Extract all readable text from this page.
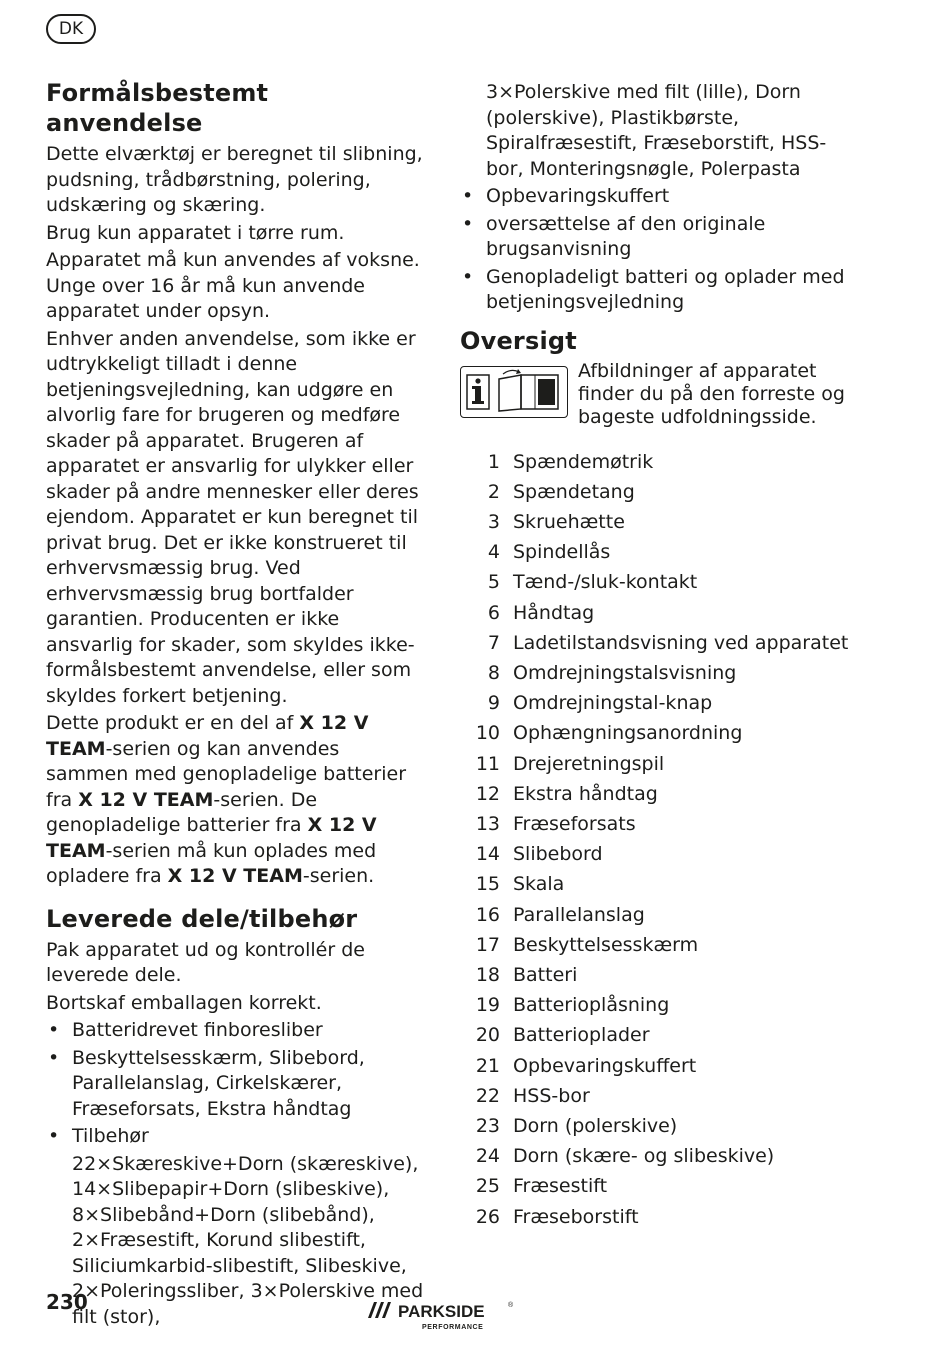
DK
Formålsbestemt anvendelse

Dette elværktøj er beregnet til slibning, pudsning, trådbørstning, polering, udskæring og skæring.

Brug kun apparatet i tørre rum.

Apparatet må kun anvendes af voksne. Unge over 16 år må kun anvende apparatet under opsyn.

Enhver anden anvendelse, som ikke er udtrykkeligt tilladt i denne betjeningsvejledning, kan udgøre en alvorlig fare for brugeren og medføre skader på apparatet. Brugeren af apparatet er ansvarlig for ulykker eller skader på andre mennesker eller deres ejendom. Apparatet er kun beregnet til privat brug. Det er ikke konstrueret til erhvervsmæssig brug. Ved erhvervsmæssig brug bortfalder garantien. Producenten er ikke ansvarlig for skader, som skyldes ikke-formålsbestemt anvendelse, eller som skyldes forkert betjening.

Dette produkt er en del af X 12 V TEAM-serien og kan anvendes sammen med genopladelige batterier fra X 12 V TEAM-serien. De genopladelige batterier fra X 12 V TEAM-serien må kun oplades med opladere fra X 12 V TEAM-serien.

Leverede dele/tilbehør

Pak apparatet ud og kontrollér de leverede dele.

Bortskaf emballagen korrekt.

• Batteridrevet finboresliber
• Beskyttelsesskærm, Slibebord, Parallelanslag, Cirkelskærer, Fræseforsats, Ekstra håndtag
• Tilbehør
22×Skæreskive+Dorn (skæreskive), 14×Slibepapir+Dorn (slibeskive), 8×Slibebånd+Dorn (slibebånd), 2×Fræsestift, Korund slibestift, Siliciumkarbid-slibestift, Slibeskive, 2×Poleringssliber, 3×Polerskive med filt (stor),
3×Polerskive med filt (lille), Dorn (polerskive), Plastikbørste, Spiralfræsestift, Fræseborstift, HSS-bor, Monteringsnøgle, Polerpasta
• Opbevaringskuffert
• oversættelse af den originale brugsanvisning
• Genopladeligt batteri og oplader med betjeningsvejledning
Oversigt
Afbildninger af apparatet finder du på den forreste og bageste udfoldningsside.
1 Spændemøtrik
2 Spændetang
3 Skruehætte
4 Spindellås
5 Tænd-/sluk-kontakt
6 Håndtag
7 Ladetilstandsvisning ved apparatet
8 Omdrejningstalsvisning
9 Omdrejningstal-knap
10 Ophængningsanordning
11 Drejeretningspil
12 Ekstra håndtag
13 Fræseforsats
14 Slibebord
15 Skala
16 Parallelanslag
17 Beskyttelsesskærm
18 Batteri
19 Batterioplåsning
20 Batterioplader
21 Opbevaringskuffert
22 HSS-bor
23 Dorn (polerskive)
24 Dorn (skære- og slibeskive)
25 Fræsestift
26 Fræseborstift
230	PARKSIDE	®
PERFORMANCE
